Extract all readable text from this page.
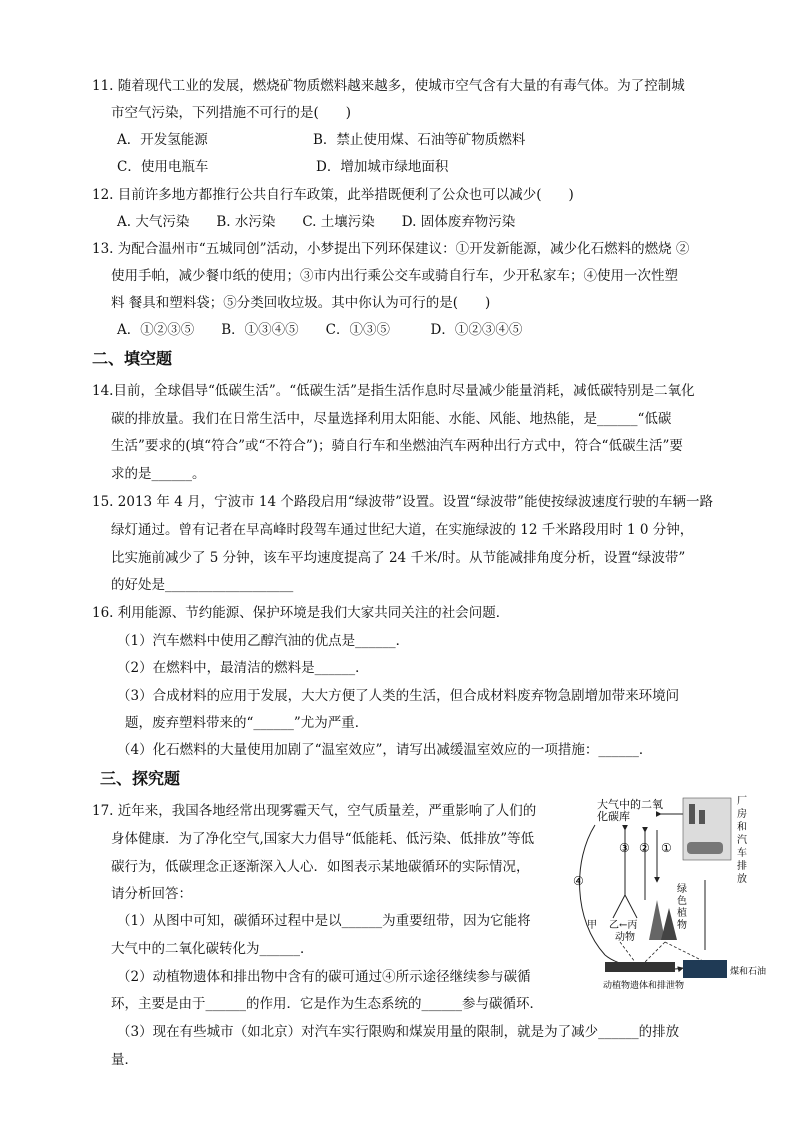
11. 随着现代工业的发展，燃烧矿物质燃料越来越多，使城市空气含有大量的有毒气体。为了控制城
市空气污染，下列措施不可行的是(　　)
A．开发氢能源	B．禁止使用煤、石油等矿物质燃料
C．使用电瓶车	D．增加城市绿地面积
12. 目前许多地方都推行公共自行车政策，此举措既便利了公众也可以减少(　　)
A. 大气污染　　B. 水污染　　C. 土壤污染　　D. 固体废弃物污染
13. 为配合温州市“五城同创”活动，小梦提出下列环保建议：①开发新能源，减少化石燃料的燃烧 ②
使用手帕，减少餐巾纸的使用；③市内出行乘公交车或骑自行车，少开私家车；④使用一次性塑
料 餐具和塑料袋；⑤分类回收垃圾。其中你认为可行的是(　　)
A．①②③⑤　　B．①③④⑤　　C．①③⑤　　　D．①②③④⑤
二、填空题
14.目前，全球倡导“低碳生活”。“低碳生活”是指生活作息时尽量减少能量消耗，减低碳特别是二氧化
碳的排放量。我们在日常生活中，尽量选择利用太阳能、水能、风能、地热能，是______“低碳
生活”要求的(填“符合”或“不符合”)；骑自行车和坐燃油汽车两种出行方式中，符合“低碳生活”要
求的是______。
15. 2013 年 4 月，宁波市 14 个路段启用“绿波带”设置。设置“绿波带”能使按绿波速度行驶的车辆一路
绿灯通过。曾有记者在早高峰时段驾车通过世纪大道，在实施绿波的 12 千米路段用时 1 0 分钟，
比实施前减少了 5 分钟，该车平均速度提高了 24 千米/时。从节能减排角度分析，设置“绿波带”
的好处是___________________
16. 利用能源、节约能源、保护环境是我们大家共同关注的社会问题．
（1）汽车燃料中使用乙醇汽油的优点是______．
（2）在燃料中，最清洁的燃料是______．
（3）合成材料的应用于发展，大大方便了人类的生活，但合成材料废弃物急剧增加带来环境问
题，废弃塑料带来的“______”尤为严重．
（4）化石燃料的大量使用加剧了“温室效应”，请写出减缓温室效应的一项措施：______．
三、探究题
17. 近年来，我国各地经常出现雾霾天气，空气质量差，严重影响了人们的
身体健康．为了净化空气,国家大力倡导“低能耗、低污染、低排放”等低
碳行为，低碳理念正逐渐深入人心．如图表示某地碳循环的实际情况，
请分析回答：
（1）从图中可知，碳循环过程中是以______为重要纽带，因为它能将
大气中的二氧化碳转化为______．
（2）动植物遗体和排出物中含有的碳可通过④所示途径继续参与碳循
环，主要是由于______的作用．它是作为生态系统的______参与碳循环．
（3）现在有些城市（如北京）对汽车实行限购和煤炭用量的限制，就是为了减少______的排放
量．
大气中的二氧
化碳库
③ ② ①
④
厂
房
和
汽
车
排
放
绿
色
植
物
乙←丙
动物
甲
动植物遗体和排泄物
煤和石油
